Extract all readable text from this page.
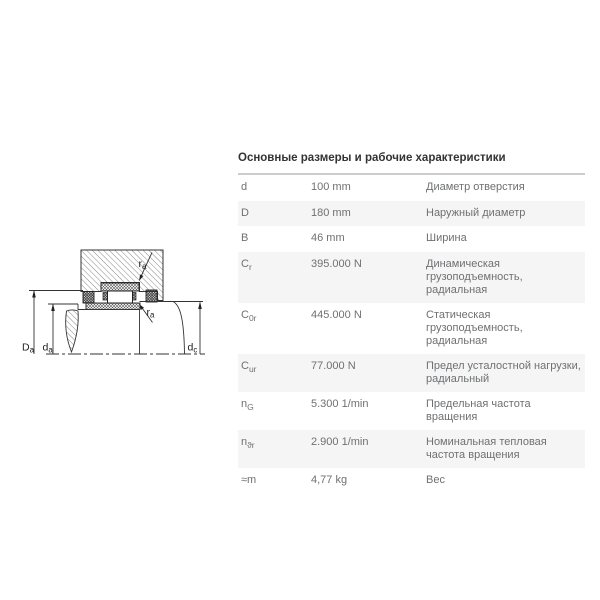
$D_a$ $d_a$	$d_c$
$r_a$
$r_a$
Основные размеры и рабочие характеристики
d	100 mm	Диаметр отверстия
D	180 mm	Наружный диаметр
B	46 mm	Ширина
$C_r$	395.000 N	Динамическая грузоподъемность, радиальная
$C_{0r}$	445.000 N	Статическая грузоподъемность, радиальная
$C_{ur}$	77.000 N	Предел усталостной нагрузки, радиальный
$n_G$	5.300 1/min	Предельная частота вращения
$n_{ϑr}$	2.900 1/min	Номинальная тепловая частота вращения
≈m	4,77 kg	Вес
